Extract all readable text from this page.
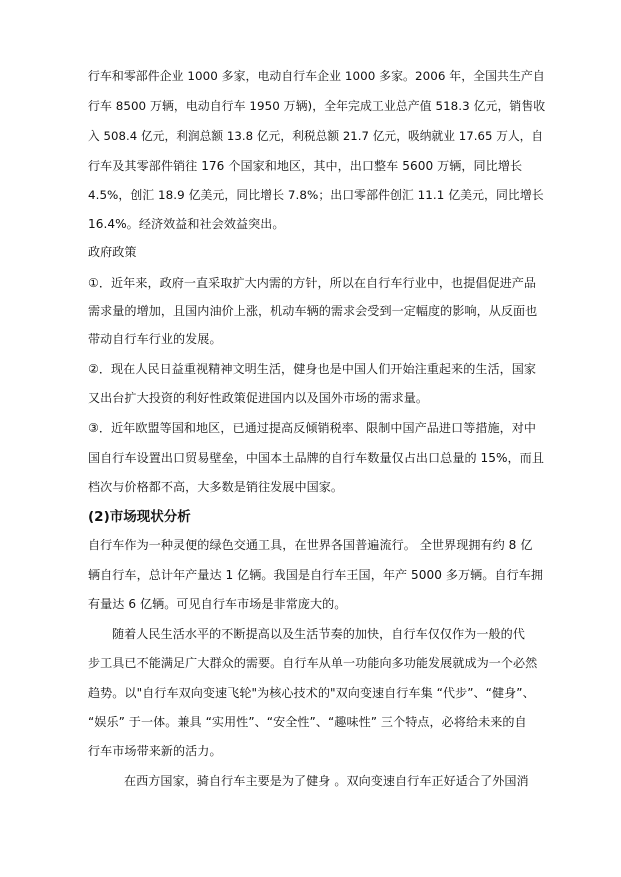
行车和零部件企业 1000 多家，电动自行车企业 1000 多家。2006 年，全国共生产自
行车 8500 万辆，电动自行车 1950 万辆)，全年完成工业总产值 518.3 亿元，销售收
入 508.4 亿元，利润总额 13.8 亿元，利税总额 21.7 亿元，吸纳就业 17.65 万人，自
行车及其零部件销往 176 个国家和地区，其中，出口整车 5600 万辆，同比增长
4.5%，创汇 18.9 亿美元，同比增长 7.8%；出口零部件创汇 11.1 亿美元，同比增长
16.4%。经济效益和社会效益突出。
政府政策
①．近年来，政府一直采取扩大内需的方针，所以在自行车行业中，也提倡促进产品
需求量的增加，且国内油价上涨，机动车辆的需求会受到一定幅度的影响，从反面也
带动自行车行业的发展。
②．现在人民日益重视精神文明生活，健身也是中国人们开始注重起来的生活，国家
又出台扩大投资的利好性政策促进国内以及国外市场的需求量。
③．近年欧盟等国和地区，已通过提高反倾销税率、限制中国产品进口等措施，对中
国自行车设置出口贸易壁垒，中国本土品牌的自行车数量仅占出口总量的 15%，而且
档次与价格都不高，大多数是销往发展中国家。
(2)市场现状分析
自行车作为一种灵便的绿色交通工具，在世界各国普遍流行。 全世界现拥有约 8 亿
辆自行车，总计年产量达 1 亿辆。我国是自行车王国，年产 5000 多万辆。自行车拥
有量达 6 亿辆。可见自行车市场是非常庞大的。
随着人民生活水平的不断提高以及生活节奏的加快，自行车仅仅作为一般的代
步工具已不能满足广大群众的需要。自行车从单一功能向多功能发展就成为一个必然
趋势。以"自行车双向变速飞轮"为核心技术的"双向变速自行车集 “代步”、“健身”、
“娱乐” 于一体。兼具 “实用性”、“安全性”、“趣味性” 三个特点，必将给未来的自
行车市场带来新的活力。
在西方国家，骑自行车主要是为了健身 。双向变速自行车正好适合了外国消
